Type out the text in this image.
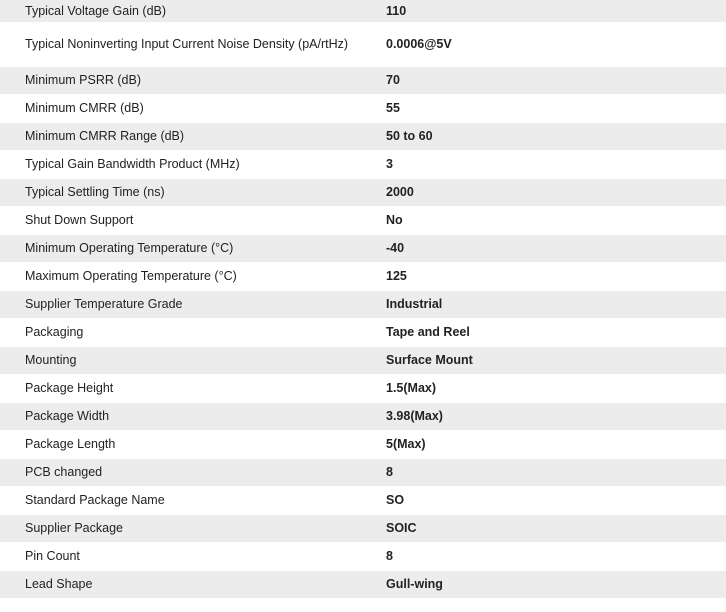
Typical Voltage Gain (dB)	110
Typical Noninverting Input Current Noise Density (pA/rtHz)	0.0006@5V
Minimum PSRR (dB)	70
Minimum CMRR (dB)	55
Minimum CMRR Range (dB)	50 to 60
Typical Gain Bandwidth Product (MHz)	3
Typical Settling Time (ns)	2000
Shut Down Support	No
Minimum Operating Temperature (°C)	-40
Maximum Operating Temperature (°C)	125
Supplier Temperature Grade	Industrial
Packaging	Tape and Reel
Mounting	Surface Mount
Package Height	1.5(Max)
Package Width	3.98(Max)
Package Length	5(Max)
PCB changed	8
Standard Package Name	SO
Supplier Package	SOIC
Pin Count	8
Lead Shape	Gull-wing
